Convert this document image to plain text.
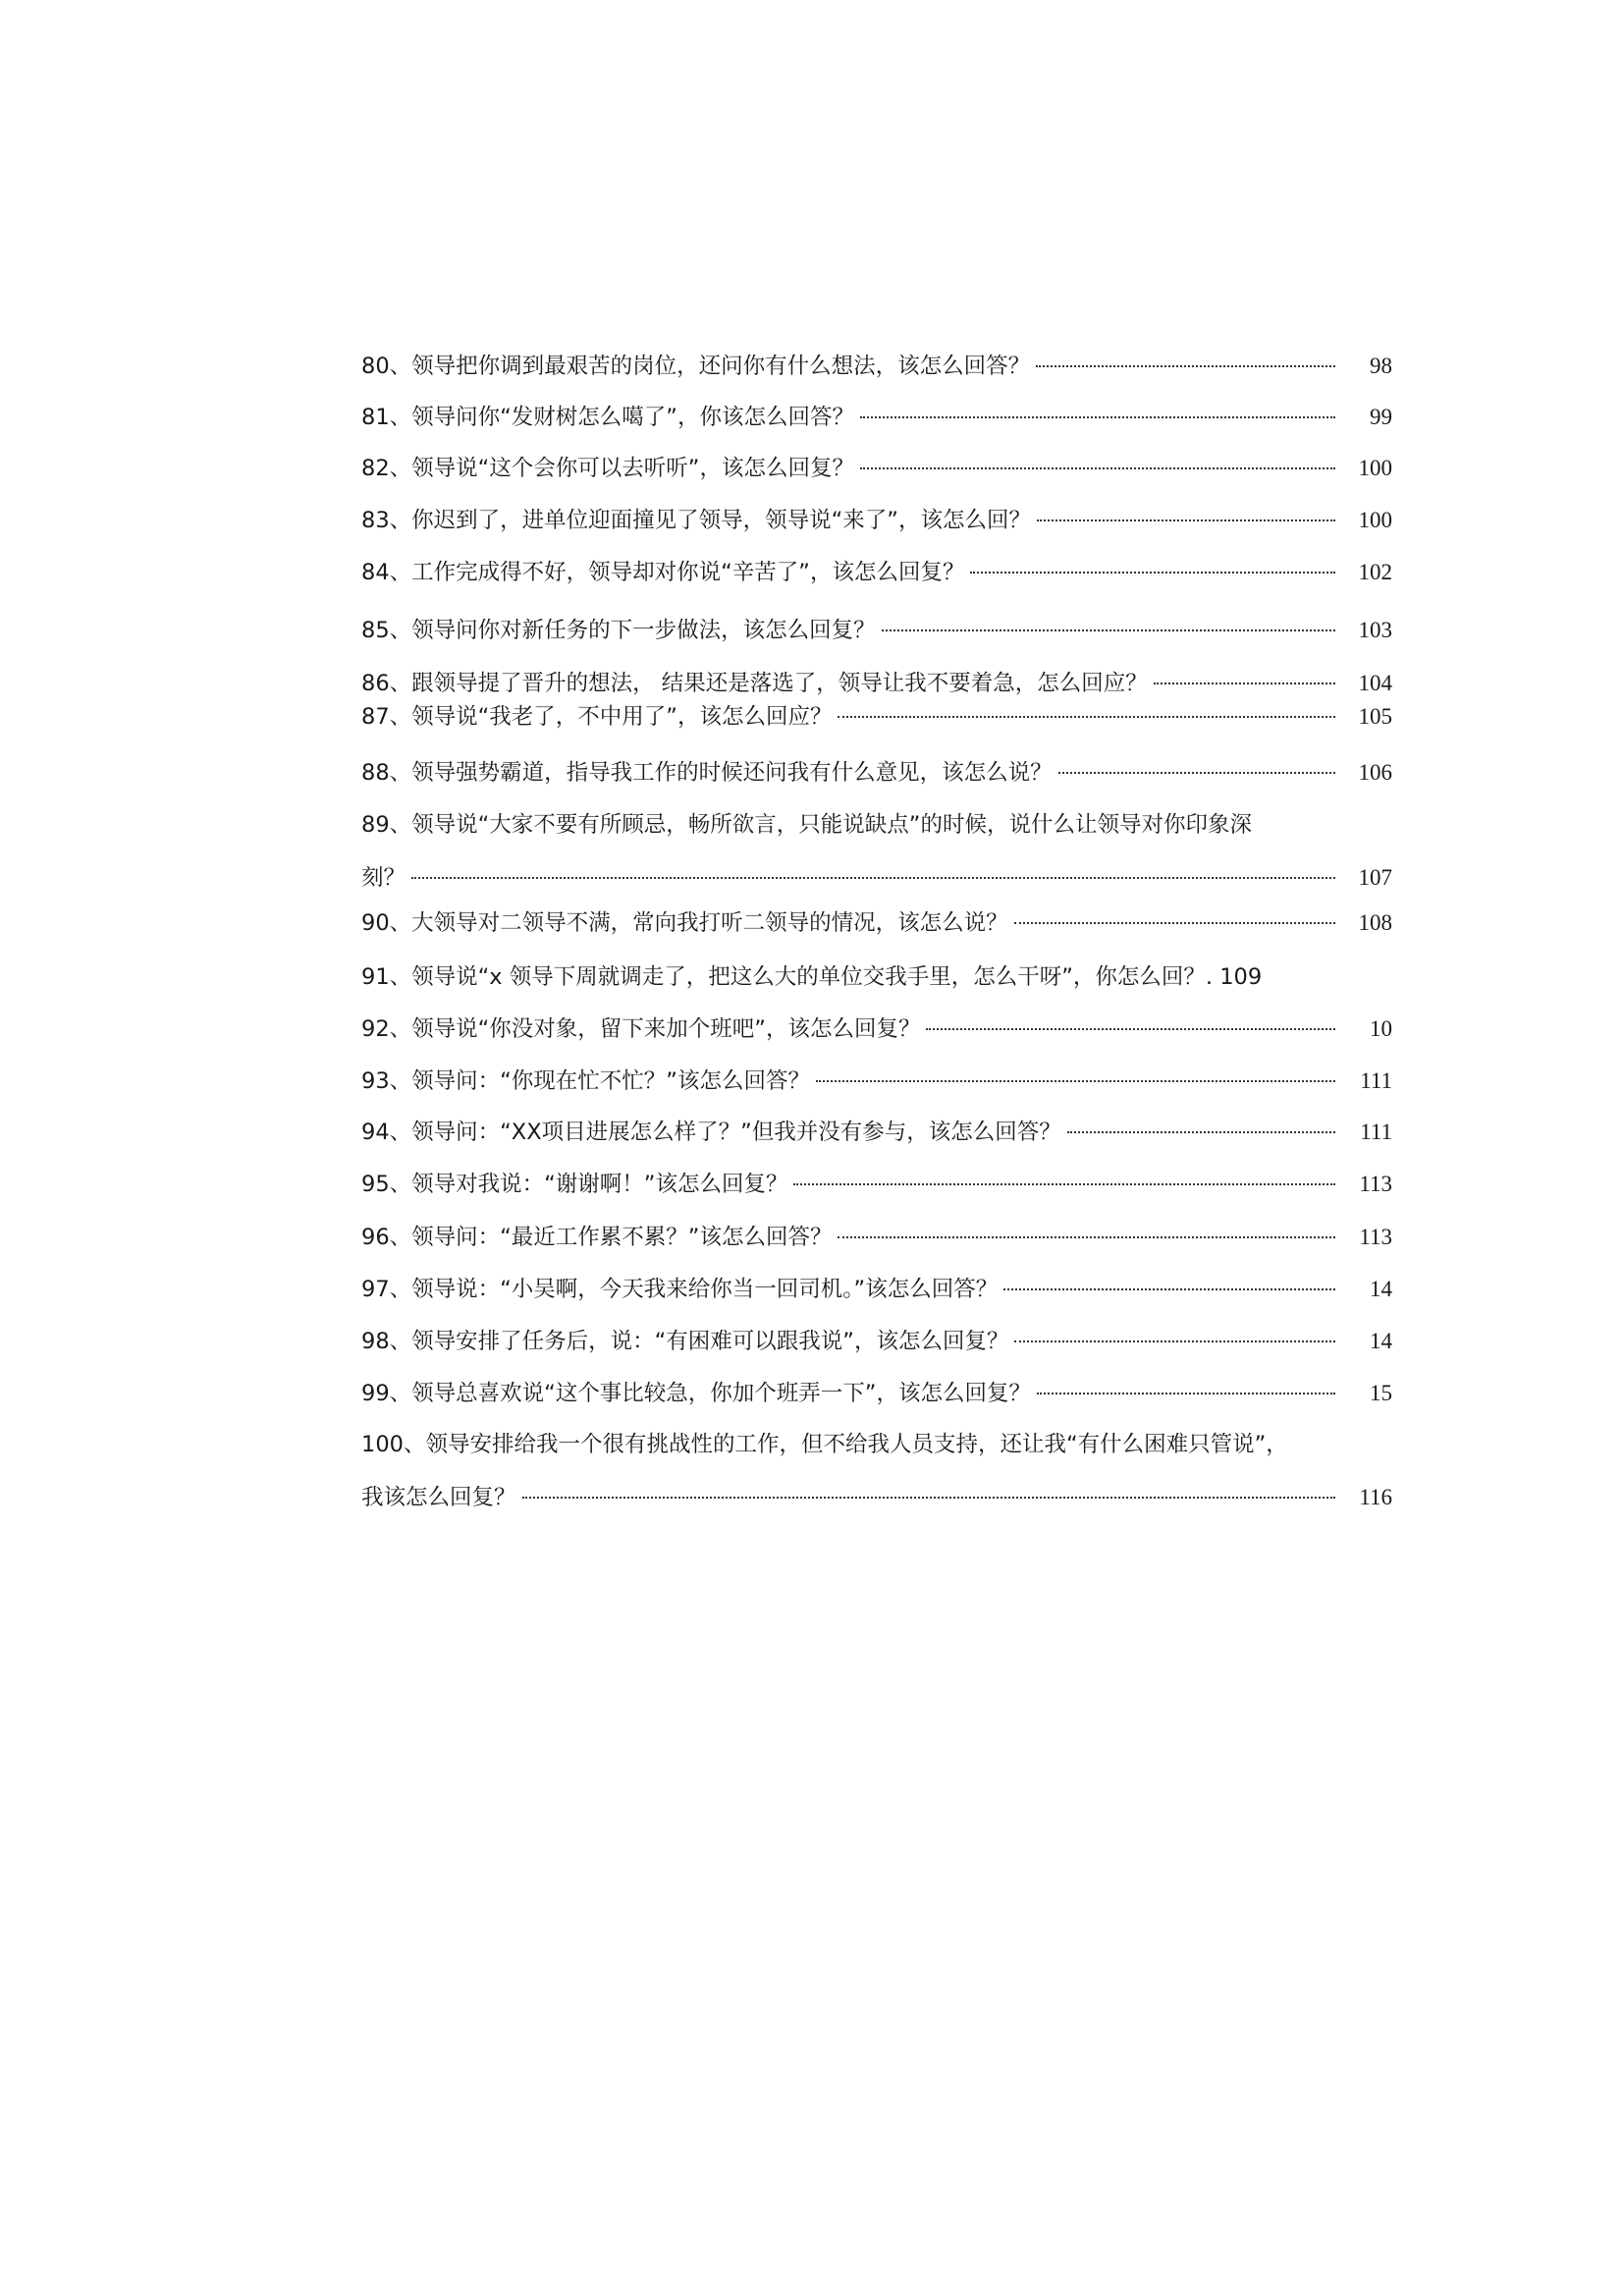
80、领导把你调到最艰苦的岗位，还问你有什么想法，该怎么回答？	98
81、领导问你“发财树怎么噶了”，你该怎么回答？	99
82、领导说“这个会你可以去听听”，该怎么回复？	100
83、你迟到了，进单位迎面撞见了领导，领导说“来了”，该怎么回？	100
84、工作完成得不好，领导却对你说“辛苦了”，该怎么回复？	102
85、领导问你对新任务的下一步做法，该怎么回复？	103
86、跟领导提了晋升的想法， 结果还是落选了，领导让我不要着急，怎么回应？	104
87、领导说“我老了，不中用了”，该怎么回应？	105
88、领导强势霸道，指导我工作的时候还问我有什么意见，该怎么说？	106
89、领导说“大家不要有所顾忌，畅所欲言，只能说缺点”的时候，说什么让领导对你印象深
刻？	107
90、大领导对二领导不满，常向我打听二领导的情况，该怎么说？	108
91、领导说“x 领导下周就调走了，把这么大的单位交我手里，怎么干呀”，你怎么回？. 109
92、领导说“你没对象，留下来加个班吧”，该怎么回复？	10
93、领导问：“你现在忙不忙？”该怎么回答？	111
94、领导问：“XX项目进展怎么样了？”但我并没有参与，该怎么回答？	111
95、领导对我说：“谢谢啊！”该怎么回复？	113
96、领导问：“最近工作累不累？”该怎么回答？	113
97、领导说：“小吴啊，今天我来给你当一回司机。”该怎么回答？	14
98、领导安排了任务后，说：“有困难可以跟我说”，该怎么回复？	14
99、领导总喜欢说“这个事比较急，你加个班弄一下”，该怎么回复？	15
100、领导安排给我一个很有挑战性的工作，但不给我人员支持，还让我“有什么困难只管说”，
我该怎么回复？	116
